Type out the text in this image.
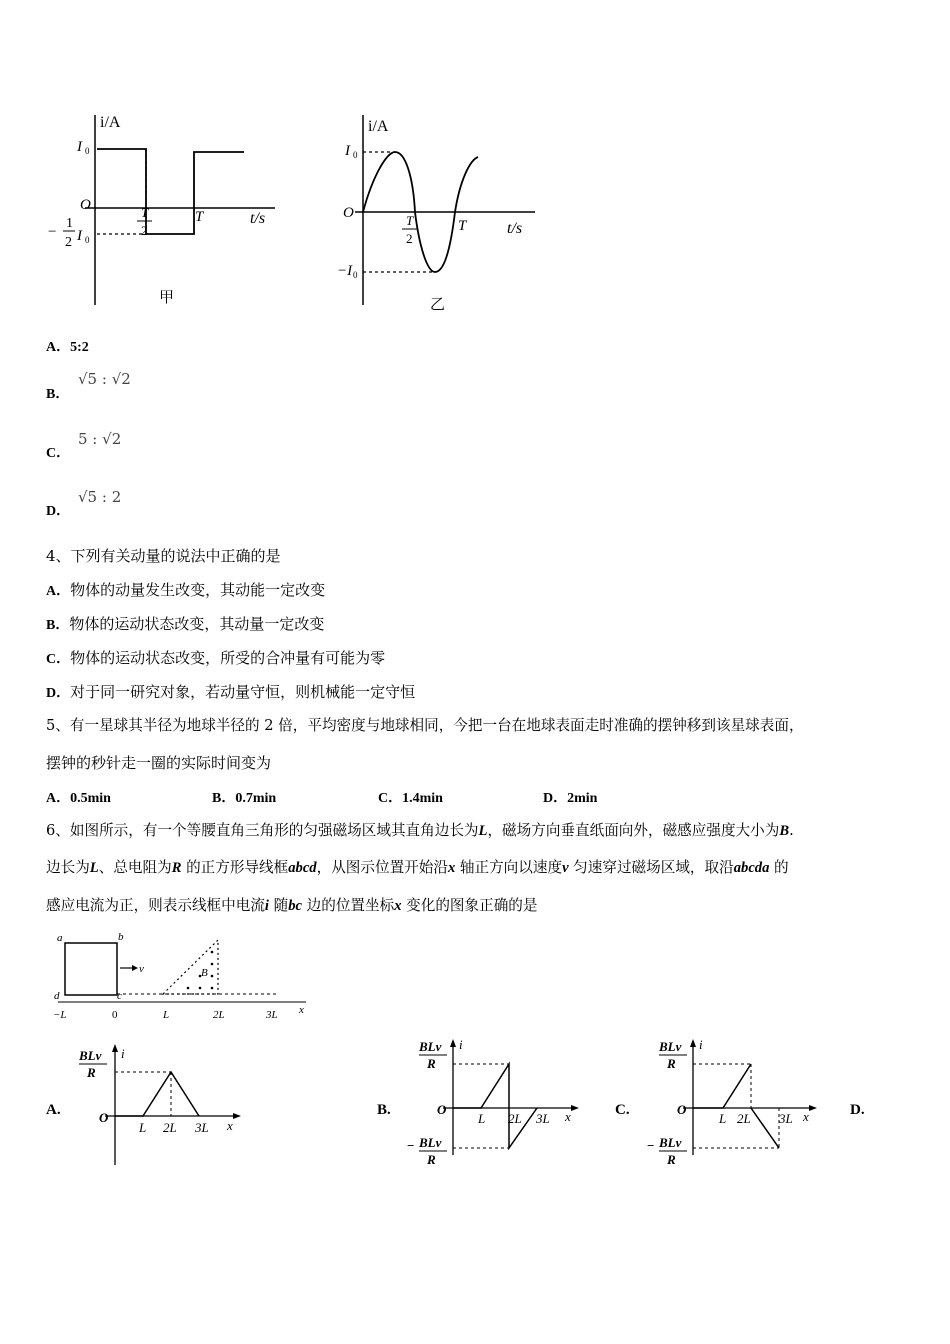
i/A
t/s
O
I 0
−
1
2 I 0
T
2
T
甲
i/A
t/s
O
I 0
−I 0
T
2
T
乙
A．5:2
B．
√5 : √2
C．
5 : √2
D．
√5 : 2
4、下列有关动量的说法中正确的是
A．物体的动量发生改变，其动能一定改变
B．物体的运动状态改变，其动量一定改变
C．物体的运动状态改变，所受的合冲量有可能为零
D．对于同一研究对象，若动量守恒，则机械能一定守恒
5、有一星球其半径为地球半径的 2 倍，平均密度与地球相同，今把一台在地球表面走时准确的摆钟移到该星球表面，
摆钟的秒针走一圈的实际时间变为
A．0.5min	B．0.7min	C．1.4min	D．2min
6、如图所示，有一个等腰直角三角形的匀强磁场区域其直角边长为L，磁场方向垂直纸面向外，磁感应强度大小为B.
边长为L、总电阻为R 的正方形导线框abcd，从图示位置开始沿x 轴正方向以速度v 匀速穿过磁场区域，取沿abcda 的
感应电流为正，则表示线框中电流i 随bc 边的位置坐标x 变化的图象正确的是
a	b
c
d
v	B
x
−L	0	L	2L	3L
A.
BLv
R
i
O
L 2L 3L x
B.
BLv
R
i
O
L 2L 3L x
− BLv
R
C.
BLv
R
i
O
L 2L 3L x
− BLv
R
D.
